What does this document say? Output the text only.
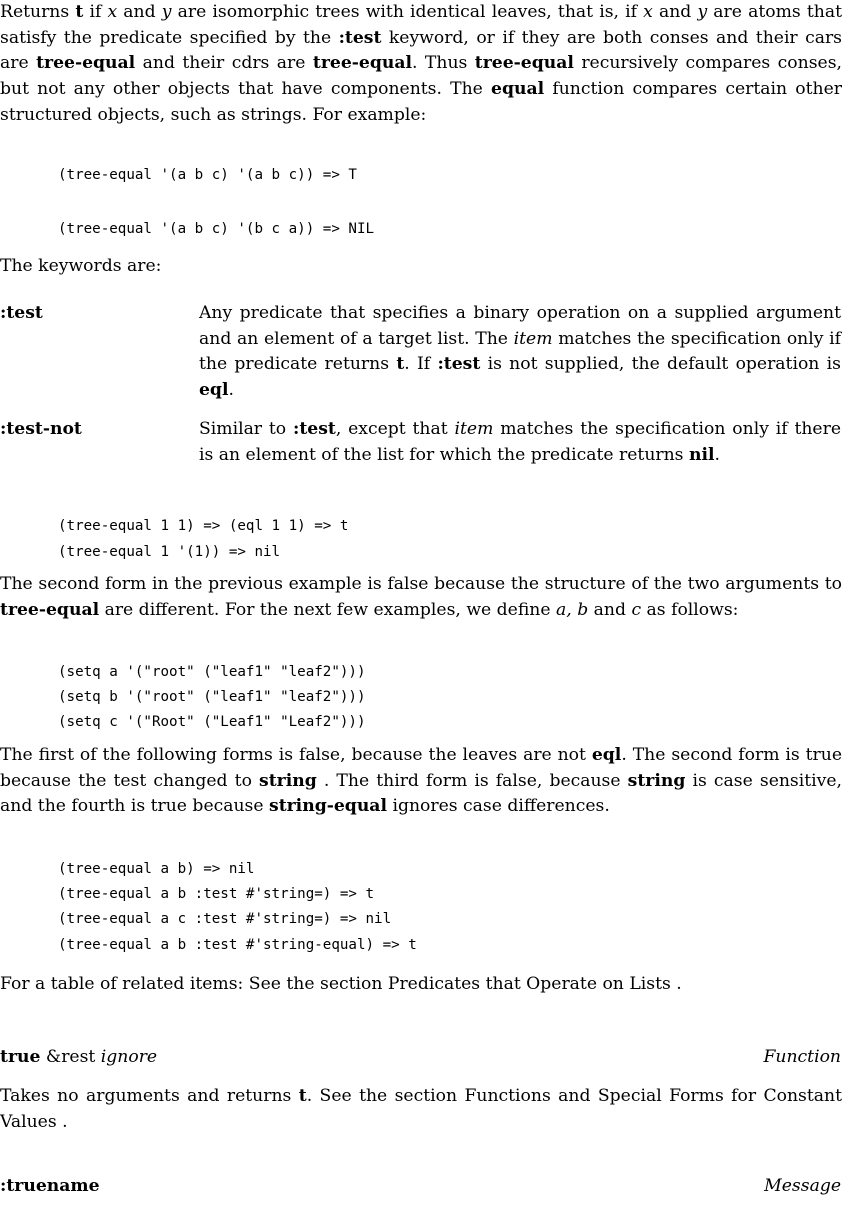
Returns t if x and y are isomorphic trees with identical leaves, that is, if x and y are atoms that satisfy the predicate specified by the :test keyword, or if they are both conses and their cars are tree-equal and their cdrs are tree-equal. Thus tree-equal recursively compares conses, but not any other objects that have components. The equal function compares certain other structured objects, such as strings. For example:

(tree-equal '(a b c) '(a b c)) => T
(tree-equal '(a b c) '(b c a)) => NIL

The keywords are:

:test	Any predicate that specifies a binary operation on a supplied argument and an element of a target list. The item matches the specification only if the predicate returns t. If :test is not supplied, the default operation is eql.

:test-not	Similar to :test, except that item matches the specification only if there is an element of the list for which the predicate returns nil.

(tree-equal 1 1) => (eql 1 1) => t
(tree-equal 1 '(1)) => nil

The second form in the previous example is false because the structure of the two arguments to tree-equal are different. For the next few examples, we define a, b and c as follows:

(setq a '("root" ("leaf1" "leaf2")))
(setq b '("root" ("leaf1" "leaf2")))
(setq c '("Root" ("Leaf1" "Leaf2")))

The first of the following forms is false, because the leaves are not eql. The second form is true because the test changed to string . The third form is false, because string is case sensitive, and the fourth is true because string-equal ignores case differences.

(tree-equal a b) => nil
(tree-equal a b :test #'string=) => t
(tree-equal a c :test #'string=) => nil
(tree-equal a b :test #'string-equal) => t

For a table of related items: See the section Predicates that Operate on Lists .

true &rest ignore	Function

Takes no arguments and returns t. See the section Functions and Special Forms for Constant Values .

:truename	Message
